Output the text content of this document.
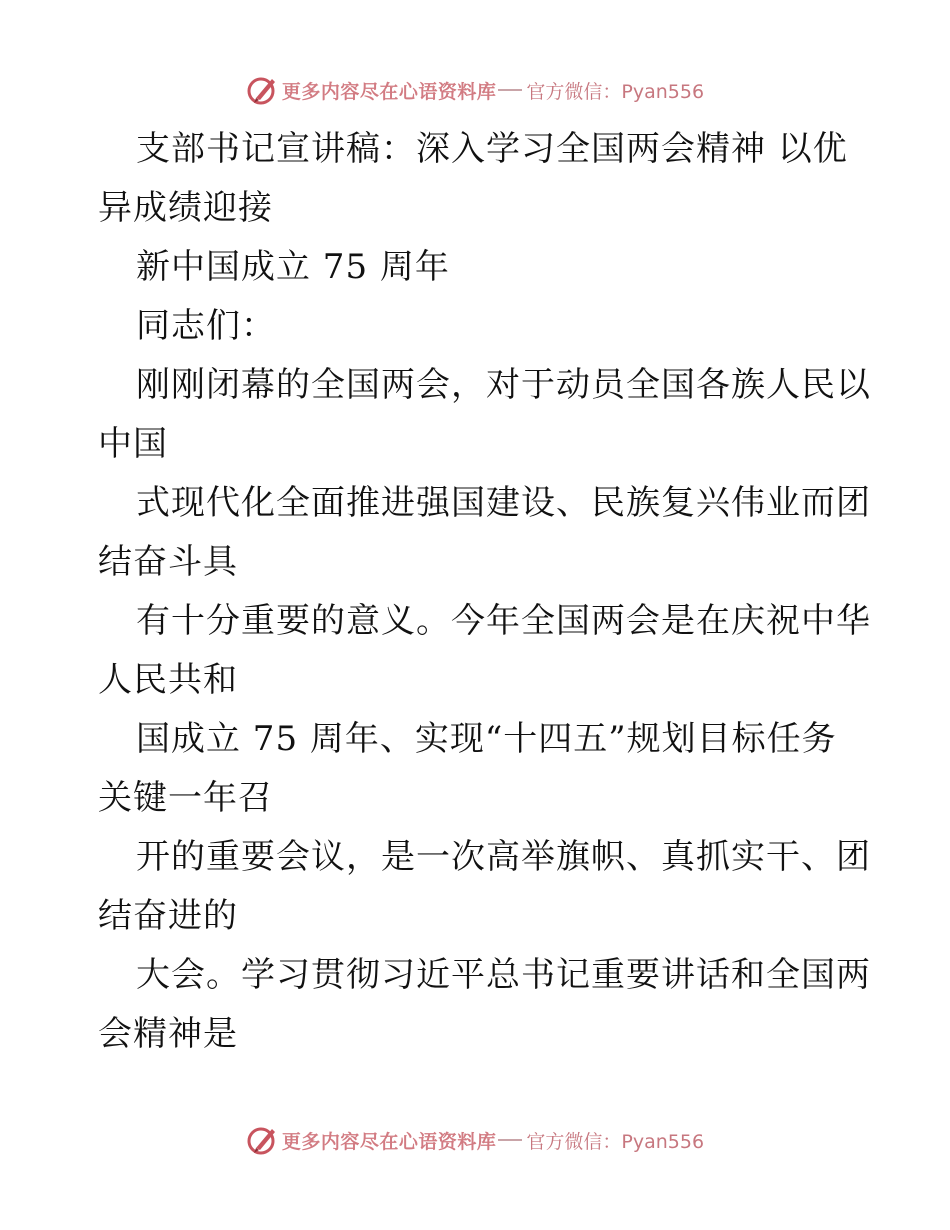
更多内容尽在心语资料库 官方微信：Pyan556
支部书记宣讲稿：深入学习全国两会精神 以优
异成绩迎接
新中国成立 75 周年
同志们：
刚刚闭幕的全国两会，对于动员全国各族人民以
中国
式现代化全面推进强国建设、民族复兴伟业而团
结奋斗具
有十分重要的意义。今年全国两会是在庆祝中华
人民共和
国成立 75 周年、实现“十四五”规划目标任务
关键一年召
开的重要会议，是一次高举旗帜、真抓实干、团
结奋进的
大会。学习贯彻习近平总书记重要讲话和全国两
会精神是
更多内容尽在心语资料库 官方微信：Pyan556
